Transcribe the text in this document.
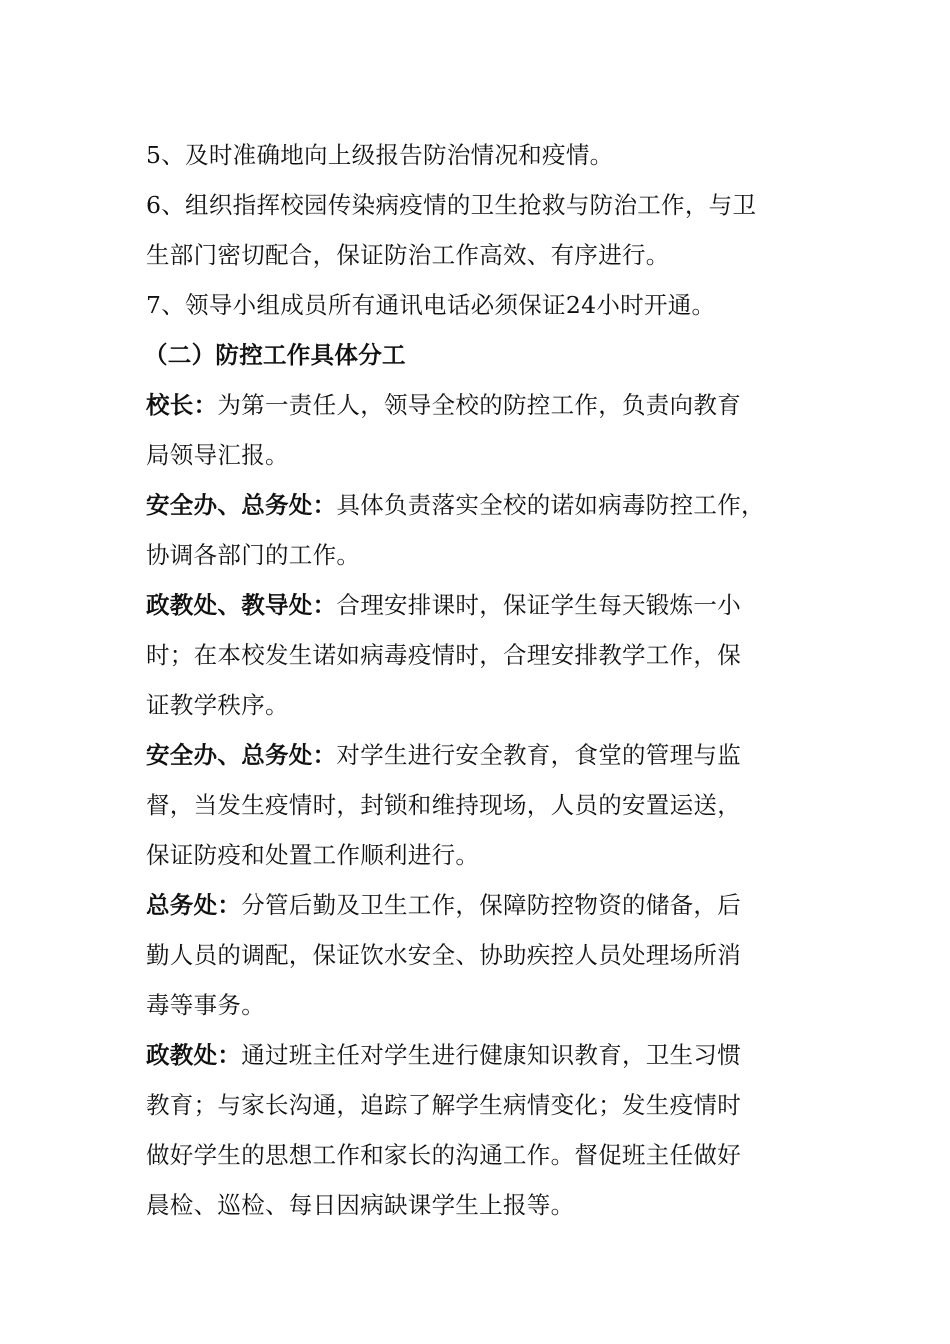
5、及时准确地向上级报告防治情况和疫情。
6、组织指挥校园传染病疫情的卫生抢救与防治工作，与卫
生部门密切配合，保证防治工作高效、有序进行。
7、领导小组成员所有通讯电话必须保证24小时开通。
（二）防控工作具体分工
校长：为第一责任人，领导全校的防控工作，负责向教育
局领导汇报。
安全办、总务处：具体负责落实全校的诺如病毒防控工作，
协调各部门的工作。
政教处、教导处：合理安排课时，保证学生每天锻炼一小
时；在本校发生诺如病毒疫情时，合理安排教学工作，保
证教学秩序。
安全办、总务处：对学生进行安全教育，食堂的管理与监
督，当发生疫情时，封锁和维持现场，人员的安置运送，
保证防疫和处置工作顺利进行。
总务处：分管后勤及卫生工作，保障防控物资的储备，后
勤人员的调配，保证饮水安全、协助疾控人员处理场所消
毒等事务。
政教处：通过班主任对学生进行健康知识教育，卫生习惯
教育；与家长沟通，追踪了解学生病情变化；发生疫情时
做好学生的思想工作和家长的沟通工作。督促班主任做好
晨检、巡检、每日因病缺课学生上报等。
